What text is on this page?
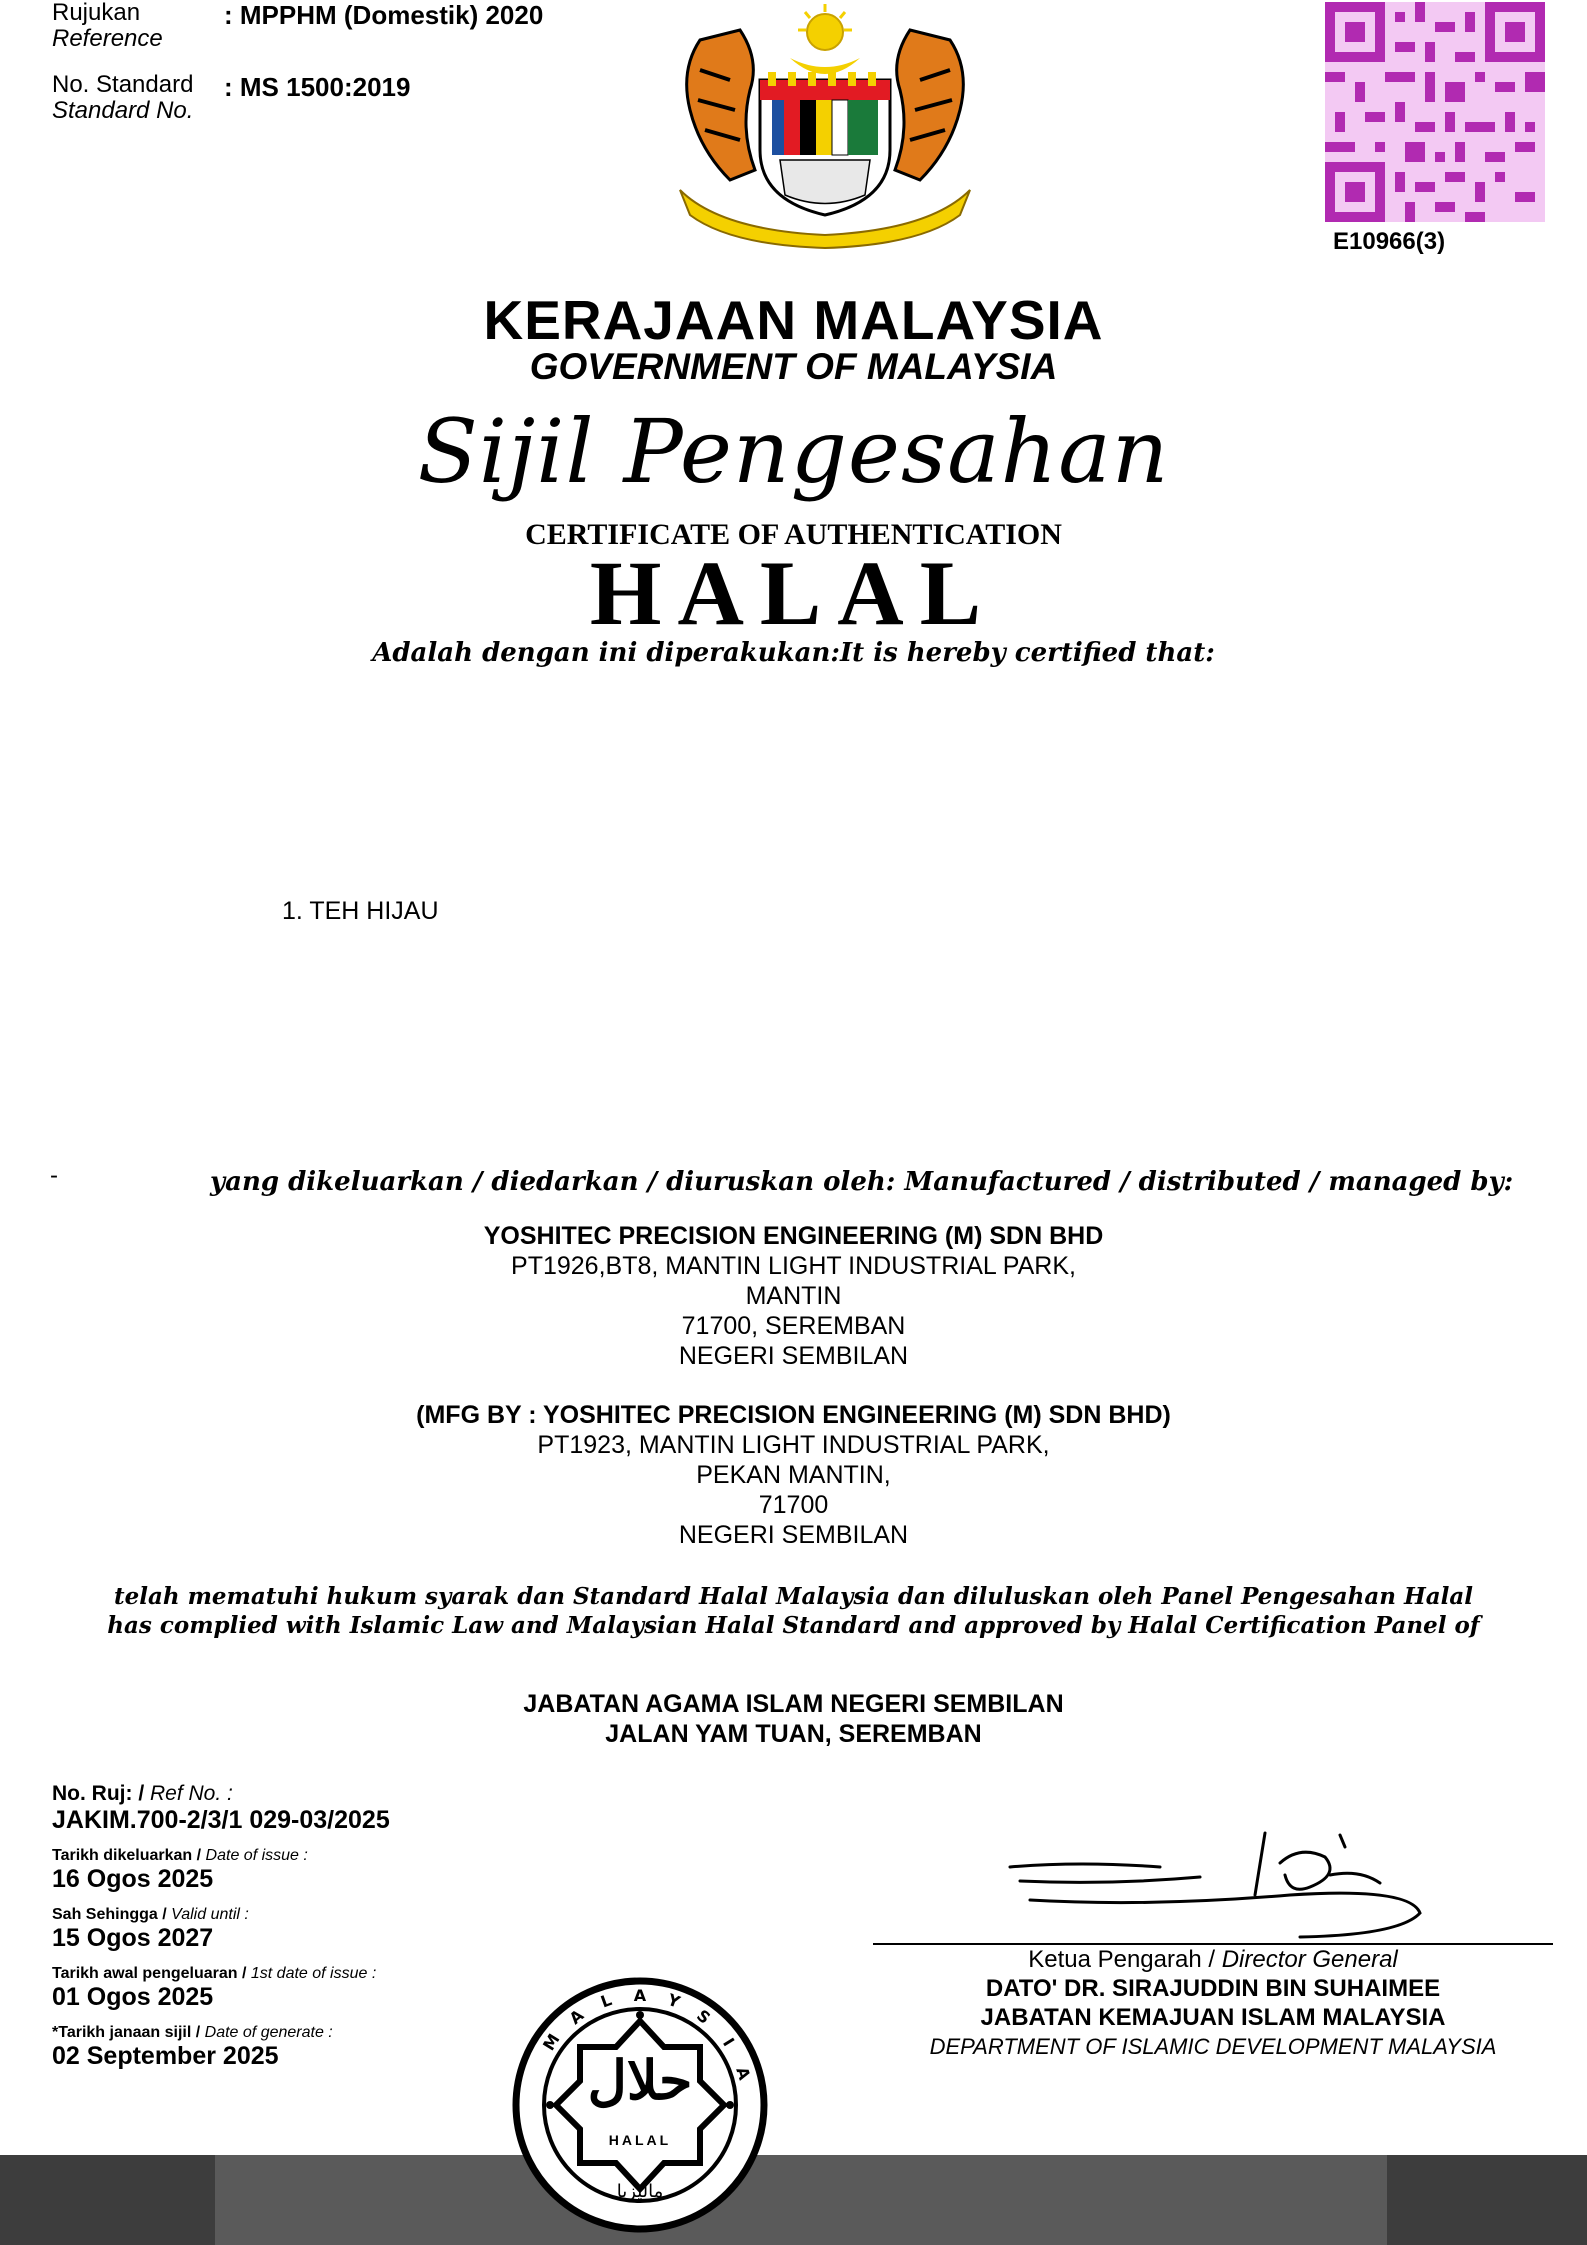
Rujukan
Reference
: MPPHM (Domestik) 2020
No. Standard
Standard No.
: MS 1500:2019
E10966(3)
KERAJAAN MALAYSIA
GOVERNMENT OF MALAYSIA
Sijil Pengesahan
CERTIFICATE OF AUTHENTICATION
HALAL
Adalah dengan ini diperakukan:It is hereby certified that:
1. TEH HIJAU
-	yang dikeluarkan / diedarkan / diuruskan oleh: Manufactured / distributed / managed by:
YOSHITEC PRECISION ENGINEERING (M) SDN BHD
PT1926,BT8, MANTIN LIGHT INDUSTRIAL PARK,
MANTIN
71700, SEREMBAN
NEGERI SEMBILAN
(MFG BY : YOSHITEC PRECISION ENGINEERING (M) SDN BHD)
PT1923, MANTIN LIGHT INDUSTRIAL PARK,
PEKAN MANTIN,
71700
NEGERI SEMBILAN
telah mematuhi hukum syarak dan Standard Halal Malaysia dan diluluskan oleh Panel Pengesahan Halal
has complied with Islamic Law and Malaysian Halal Standard and approved by Halal Certification Panel of
JABATAN AGAMA ISLAM NEGERI SEMBILAN
JALAN YAM TUAN, SEREMBAN
No. Ruj: / Ref No. :
JAKIM.700-2/3/1 029-03/2025
Tarikh dikeluarkan / Date of issue :
16 Ogos 2025
Sah Sehingga / Valid until :
15 Ogos 2027
Tarikh awal pengeluaran / 1st date of issue :
01 Ogos 2025
*Tarikh janaan sijil / Date of generate :
02 September 2025
Ketua Pengarah / Director General
DATO' DR. SIRAJUDDIN BIN SUHAIMEE
JABATAN KEMAJUAN ISLAM MALAYSIA
DEPARTMENT OF ISLAMIC DEVELOPMENT MALAYSIA
A
L
A
M
Y
S
I
A
حلال
HALAL
ماليزيا
